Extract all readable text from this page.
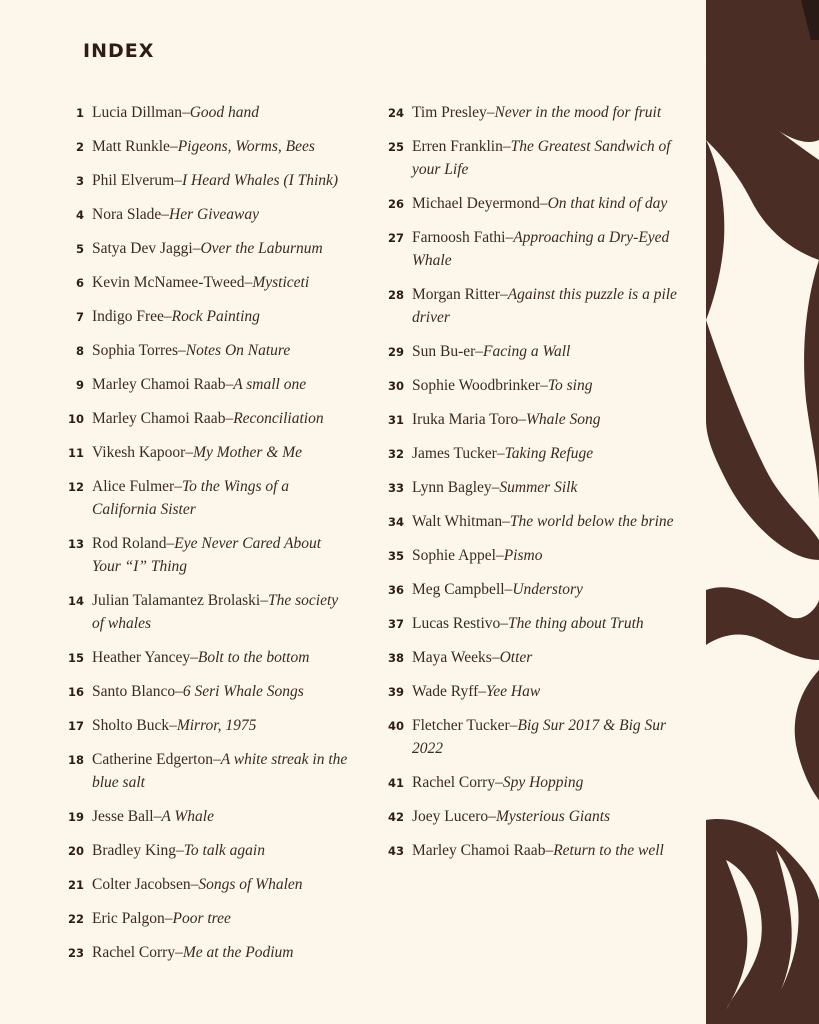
INDEX
1 Lucia Dillman–Good hand
2 Matt Runkle–Pigeons, Worms, Bees
3 Phil Elverum–I Heard Whales (I Think)
4 Nora Slade–Her Giveaway
5 Satya Dev Jaggi–Over the Laburnum
6 Kevin McNamee-Tweed–Mysticeti
7 Indigo Free–Rock Painting
8 Sophia Torres–Notes On Nature
9 Marley Chamoi Raab–A small one
10 Marley Chamoi Raab–Reconciliation
11 Vikesh Kapoor–My Mother & Me
12 Alice Fulmer–To the Wings of a California Sister
13 Rod Roland–Eye Never Cared About Your “I” Thing
14 Julian Talamantez Brolaski–The society of whales
15 Heather Yancey–Bolt to the bottom
16 Santo Blanco–6 Seri Whale Songs
17 Sholto Buck–Mirror, 1975
18 Catherine Edgerton–A white streak in the blue salt
19 Jesse Ball–A Whale
20 Bradley King–To talk again
21 Colter Jacobsen–Songs of Whalen
22 Eric Palgon–Poor tree
23 Rachel Corry–Me at the Podium
24 Tim Presley–Never in the mood for fruit
25 Erren Franklin–The Greatest Sandwich of your Life
26 Michael Deyermond–On that kind of day
27 Farnoosh Fathi–Approaching a Dry-Eyed Whale
28 Morgan Ritter–Against this puzzle is a pile driver
29 Sun Bu-er–Facing a Wall
30 Sophie Woodbrinker–To sing
31 Iruka Maria Toro–Whale Song
32 James Tucker–Taking Refuge
33 Lynn Bagley–Summer Silk
34 Walt Whitman–The world below the brine
35 Sophie Appel–Pismo
36 Meg Campbell–Understory
37 Lucas Restivo–The thing about Truth
38 Maya Weeks–Otter
39 Wade Ryff–Yee Haw
40 Fletcher Tucker–Big Sur 2017 & Big Sur 2022
41 Rachel Corry–Spy Hopping
42 Joey Lucero–Mysterious Giants
43 Marley Chamoi Raab–Return to the well
